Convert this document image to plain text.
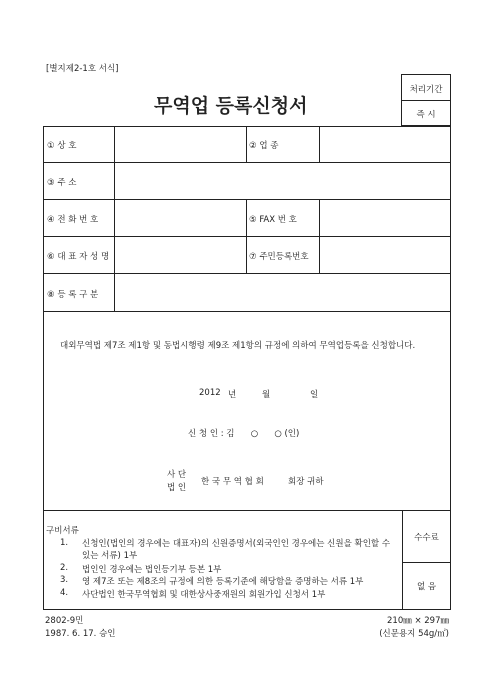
[별지제2-1호 서식]
무역업 등록신청서
처리기간
즉 시
① 상 호	② 업 종
③ 주 소
④ 전 화 번 호	⑤ FAX 번 호
⑥ 대 표 자 성 명	⑦ 주민등록번호
⑧ 등 록 구 분
대외무역법 제7조 제1항 및 동법시행령 제9조 제1항의 규정에 의하여 무역업등록을 신청합니다.
2012 년	월	일
신 청 인 : 김      ○      ○ (인)
사 단
법 인
한 국 무 역 협 회	회장 귀하
구비서류
1. 신청인(법인의 경우에는 대표자)의 신원증명서(외국인인 경우에는 신원을 확인할 수 있는 서류) 1부
2. 법인인 경우에는 법인등기부 등본 1부
3. 영 제7조 또는 제8조의 규정에 의한 등록기준에 해당함을 증명하는 서류 1부
4. 사단법인 한국무역협회 및 대한상사중재원의 회원가입 신청서 1부
수수료
없 음
2802-9민
1987. 6. 17. 승인
210㎜ × 297㎜
(신문용지 54g/㎡)
